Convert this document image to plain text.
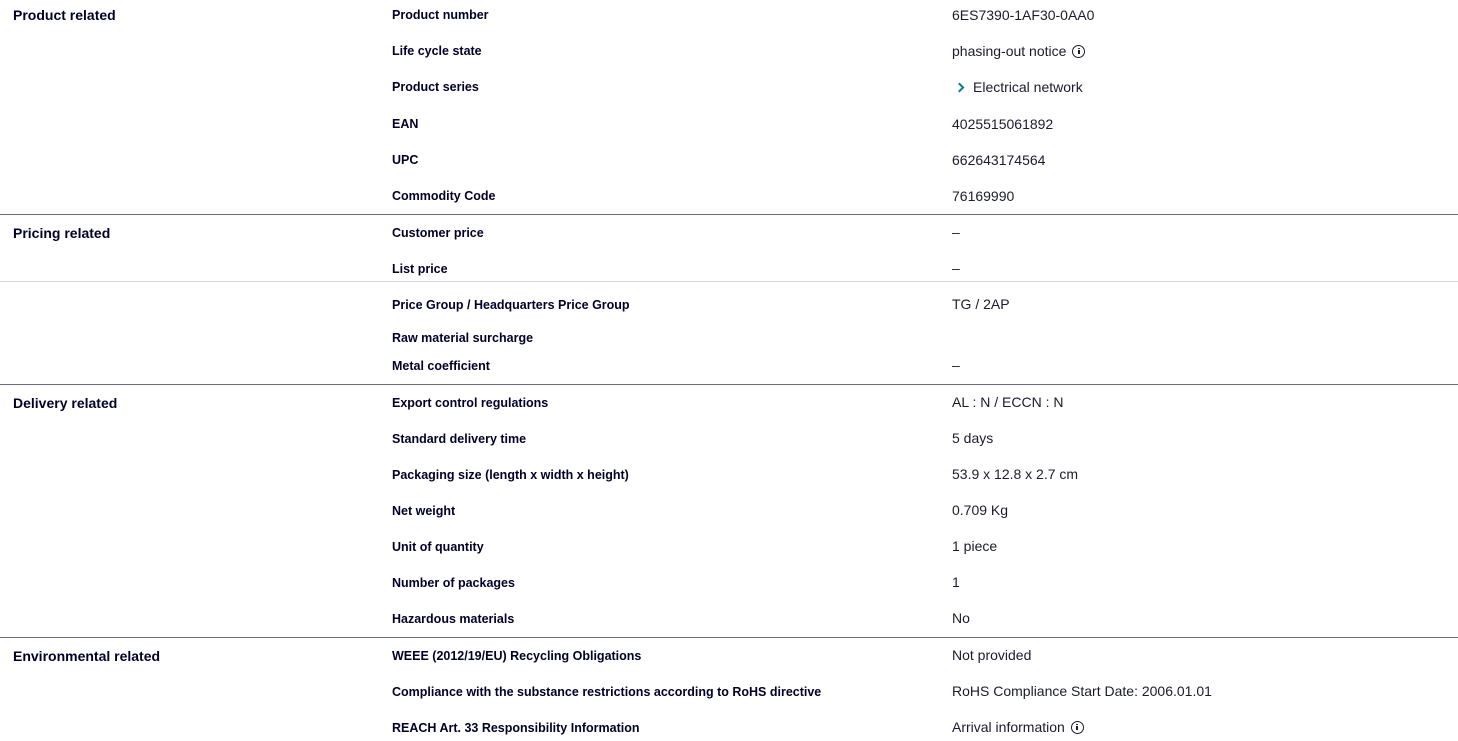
Product related	Product number	6ES7390-1AF30-0AA0
Life cycle state	phasing-out notice
Product series	Electrical network
EAN	4025515061892
UPC	662643174564
Commodity Code	76169990
Pricing related	Customer price	–
List price	–
Price Group / Headquarters Price Group	TG / 2AP
Raw material surcharge
Metal coefficient	–
Delivery related	Export control regulations	AL : N / ECCN : N
Standard delivery time	5 days
Packaging size (length x width x height)	53.9 x 12.8 x 2.7 cm
Net weight	0.709 Kg
Unit of quantity	1 piece
Number of packages	1
Hazardous materials	No
Environmental related	WEEE (2012/19/EU) Recycling Obligations	Not provided
Compliance with the substance restrictions according to RoHS directive	RoHS Compliance Start Date: 2006.01.01
REACH Art. 33 Responsibility Information	Arrival information
